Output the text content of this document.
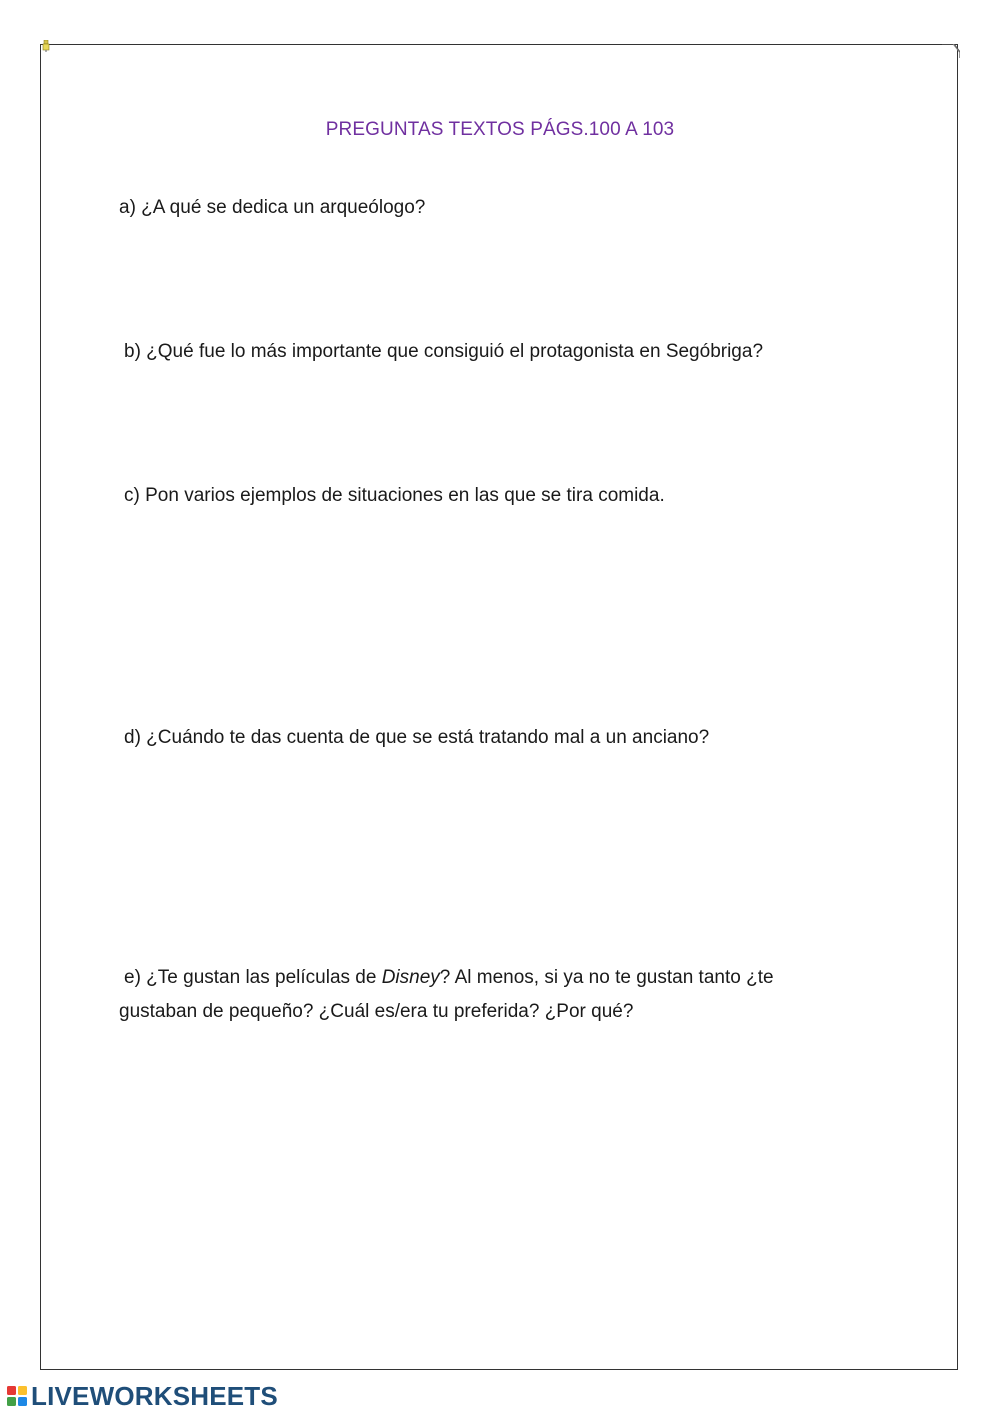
PREGUNTAS TEXTOS PÁGS.100 A 103
a) ¿A qué se dedica un arqueólogo?
b) ¿Qué fue lo más importante que consiguió el protagonista en Segóbriga?
c) Pon varios ejemplos de situaciones en las que se tira comida.
d) ¿Cuándo te das cuenta de que se está tratando mal a un anciano?
e) ¿Te gustan las películas de Disney? Al menos, si ya no te gustan tanto ¿te
gustaban de pequeño? ¿Cuál es/era tu preferida? ¿Por qué?
LIVEWORKSHEETS
